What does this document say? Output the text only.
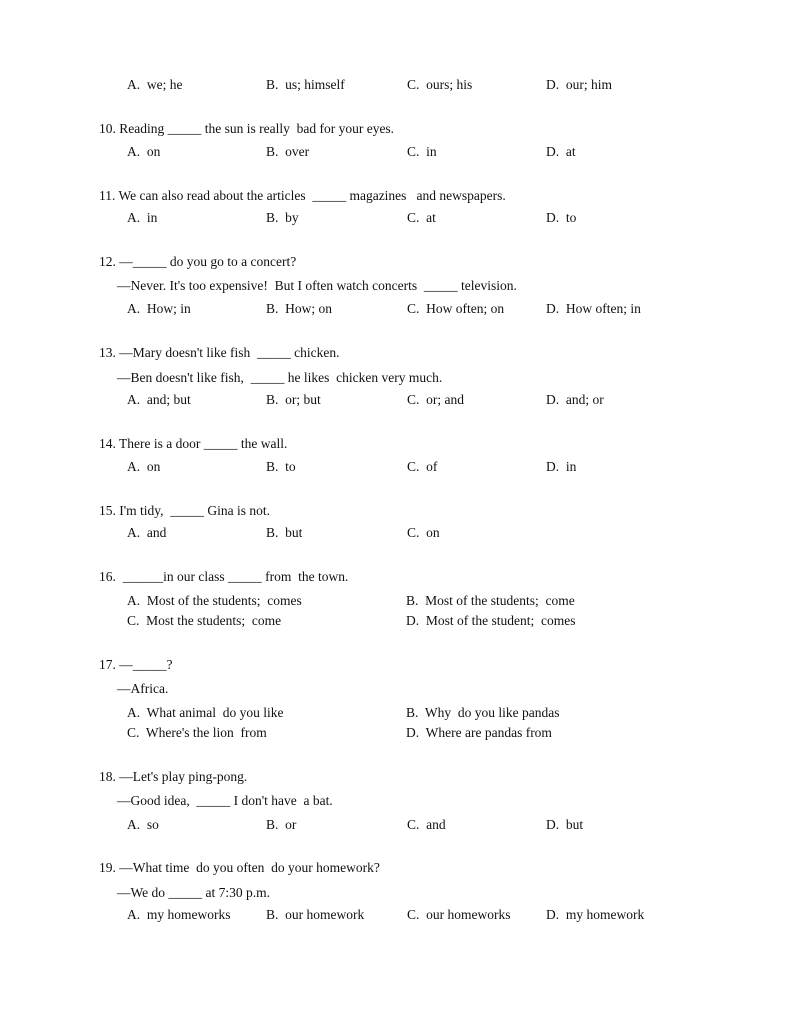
A.  we; he	B.  us; himself	C.  ours; his	D.  our; him
10. Reading _____ the sun is really  bad for your eyes.
A.  on	B.  over	C.  in	D.  at
11. We can also read about the articles  _____ magazines   and newspapers.
A.  in	B.  by	C.  at	D.  to
12. —_____ do you go to a concert?
—Never. It's too expensive!  But I often watch concerts  _____ television.
A.  How; in	B.  How; on	C.  How often; on	D.  How often; in
13. —Mary doesn't like fish  _____ chicken.
—Ben doesn't like fish,  _____ he likes  chicken very much.
A.  and; but	B.  or; but	C.  or; and	D.  and; or
14. There is a door _____ the wall.
A.  on	B.  to	C.  of	D.  in
15. I'm tidy,  _____ Gina is not.
A.  and	B.  but	C.  on
16.  ______in our class _____ from  the town.
A.  Most of the students;  comes	B.  Most of the students;  come
C.  Most the students;  come	D.  Most of the student;  comes
17. —_____?
—Africa.
A.  What animal  do you like	B.  Why  do you like pandas
C.  Where's the lion  from	D.  Where are pandas from
18. —Let's play ping-pong.
—Good idea,  _____ I don't have  a bat.
A.  so	B.  or	C.  and	D.  but
19. —What time  do you often  do your homework?
—We do _____ at 7:30 p.m.
A.  my homeworks	B.  our homework	C.  our homeworks	D.  my homework
